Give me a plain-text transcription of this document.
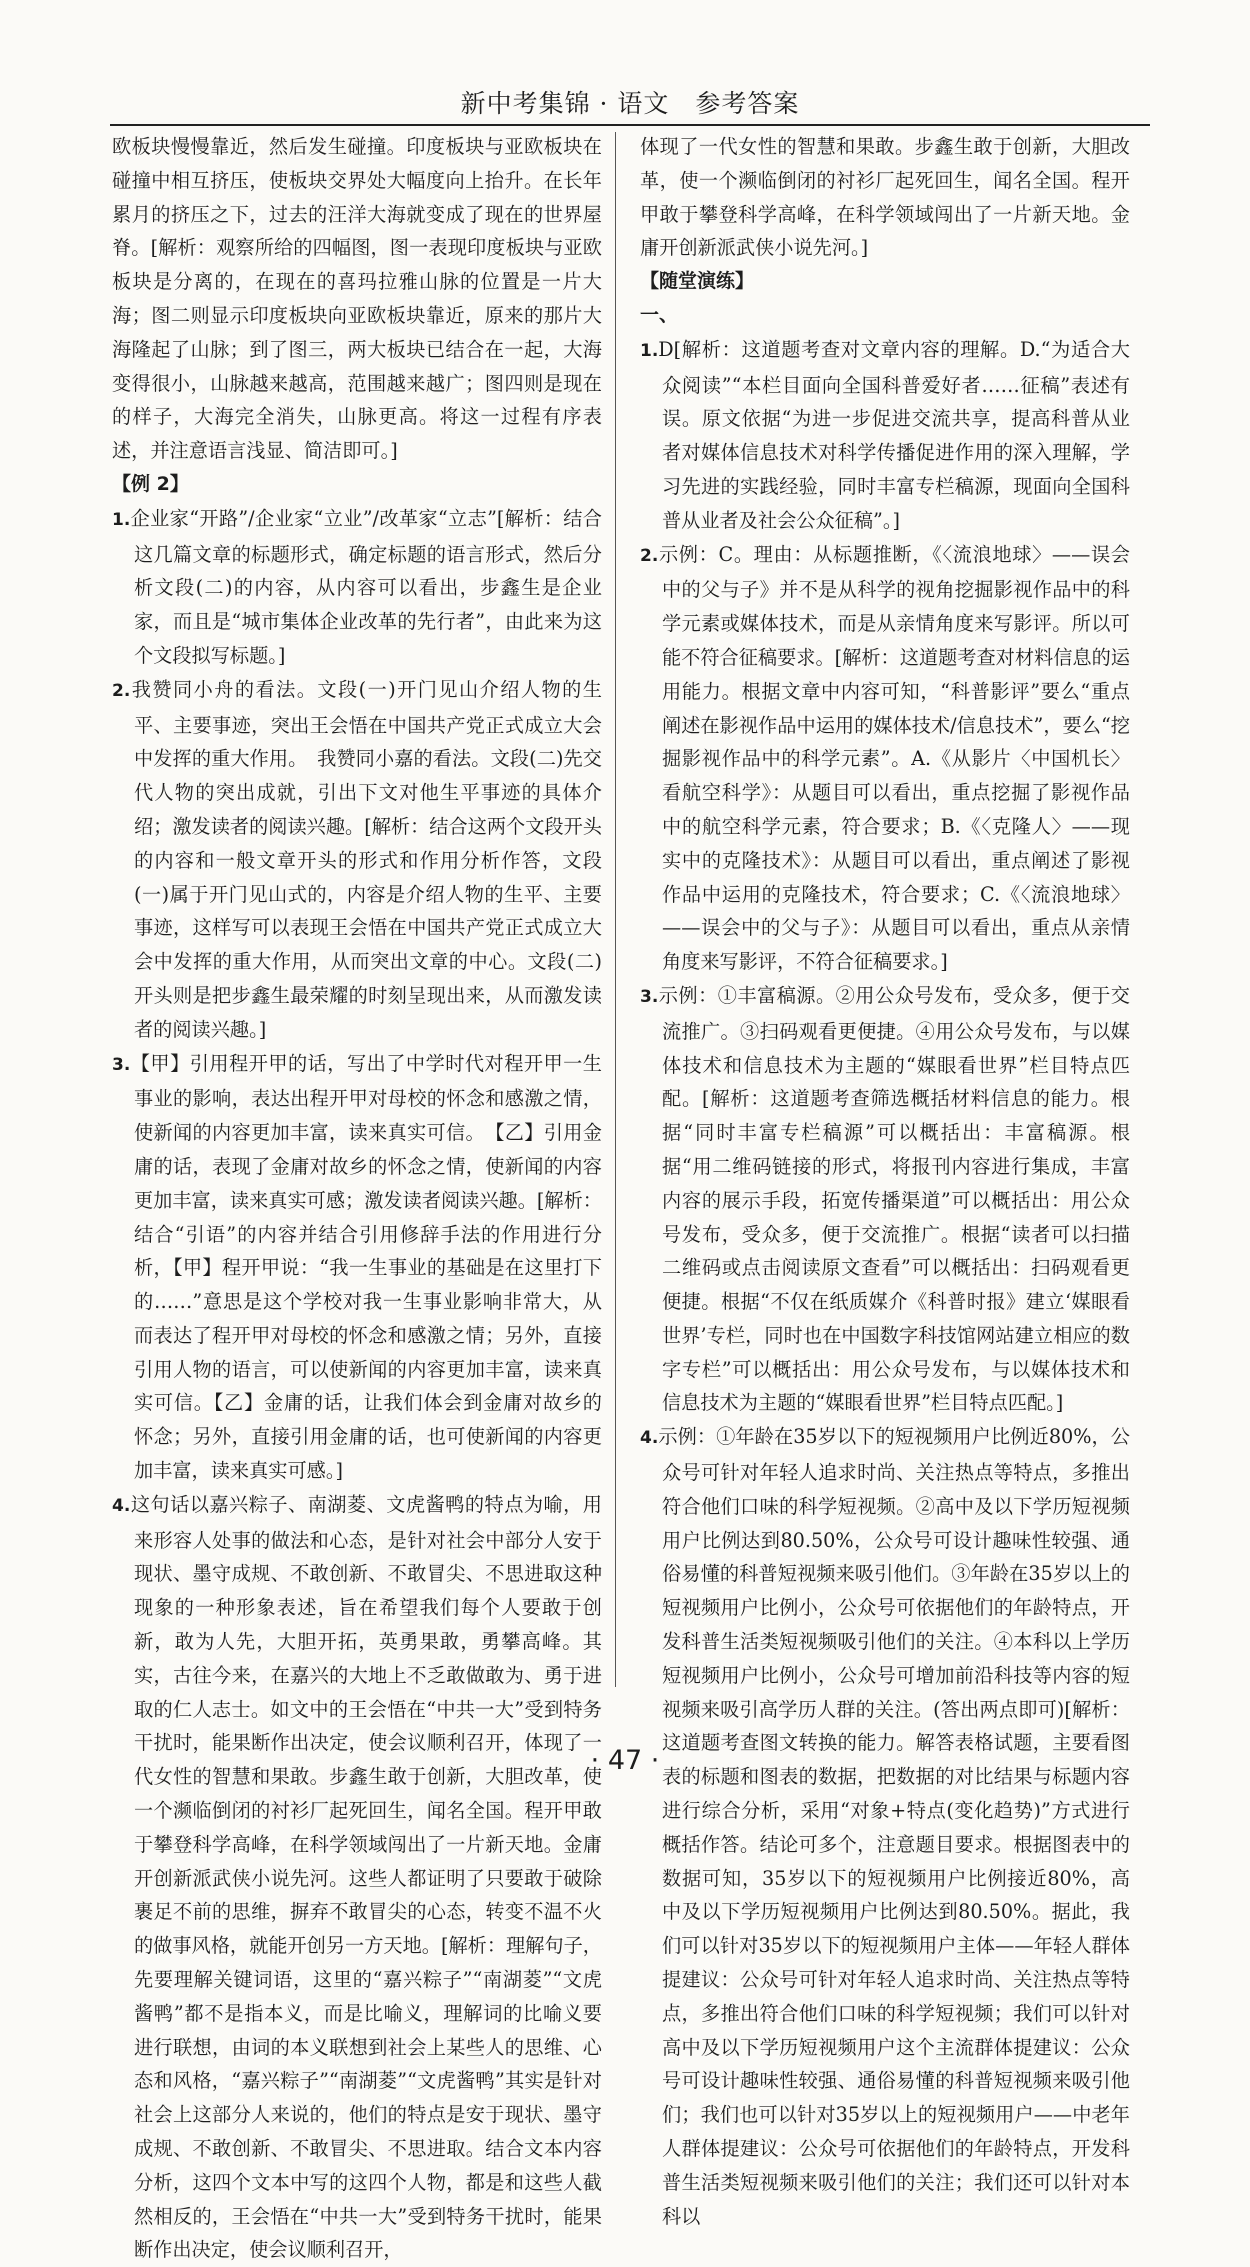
新中考集锦 · 语文　参考答案

欧板块慢慢靠近，然后发生碰撞。印度板块与亚欧板块在碰撞中相互挤压，使板块交界处大幅度向上抬升。在长年累月的挤压之下，过去的汪洋大海就变成了现在的世界屋脊。[解析：观察所给的四幅图，图一表现印度板块与亚欧板块是分离的，在现在的喜玛拉雅山脉的位置是一片大海；图二则显示印度板块向亚欧板块靠近，原来的那片大海隆起了山脉；到了图三，两大板块已结合在一起，大海变得很小，山脉越来越高，范围越来越广；图四则是现在的样子，大海完全消失，山脉更高。将这一过程有序表述，并注意语言浅显、简洁即可。]

【例 2】

1.企业家“开路”/企业家“立业”/改革家“立志”[解析：结合这几篇文章的标题形式，确定标题的语言形式，然后分析文段(二)的内容，从内容可以看出，步鑫生是企业家，而且是“城市集体企业改革的先行者”，由此来为这个文段拟写标题。]

2.我赞同小舟的看法。文段(一)开门见山介绍人物的生平、主要事迹，突出王会悟在中国共产党正式成立大会中发挥的重大作用。　我赞同小嘉的看法。文段(二)先交代人物的突出成就，引出下文对他生平事迹的具体介绍；激发读者的阅读兴趣。[解析：结合这两个文段开头的内容和一般文章开头的形式和作用分析作答，文段(一)属于开门见山式的，内容是介绍人物的生平、主要事迹，这样写可以表现王会悟在中国共产党正式成立大会中发挥的重大作用，从而突出文章的中心。文段(二)开头则是把步鑫生最荣耀的时刻呈现出来，从而激发读者的阅读兴趣。]

3.【甲】引用程开甲的话，写出了中学时代对程开甲一生事业的影响，表达出程开甲对母校的怀念和感激之情，使新闻的内容更加丰富，读来真实可信。　【乙】引用金庸的话，表现了金庸对故乡的怀念之情，使新闻的内容更加丰富，读来真实可感；激发读者阅读兴趣。[解析：结合“引语”的内容并结合引用修辞手法的作用进行分析，【甲】程开甲说：“我一生事业的基础是在这里打下的……”意思是这个学校对我一生事业影响非常大，从而表达了程开甲对母校的怀念和感激之情；另外，直接引用人物的语言，可以使新闻的内容更加丰富，读来真实可信。【乙】金庸的话，让我们体会到金庸对故乡的怀念；另外，直接引用金庸的话，也可使新闻的内容更加丰富，读来真实可感。]

4.这句话以嘉兴粽子、南湖菱、文虎酱鸭的特点为喻，用来形容人处事的做法和心态，是针对社会中部分人安于现状、墨守成规、不敢创新、不敢冒尖、不思进取这种现象的一种形象表述，旨在希望我们每个人要敢于创新，敢为人先，大胆开拓，英勇果敢，勇攀高峰。其实，古往今来，在嘉兴的大地上不乏敢做敢为、勇于进取的仁人志士。如文中的王会悟在“中共一大”受到特务干扰时，能果断作出决定，使会议顺利召开，体现了一代女性的智慧和果敢。步鑫生敢于创新，大胆改革，使一个濒临倒闭的衬衫厂起死回生，闻名全国。程开甲敢于攀登科学高峰，在科学领域闯出了一片新天地。金庸开创新派武侠小说先河。这些人都证明了只要敢于破除裹足不前的思维，摒弃不敢冒尖的心态，转变不温不火的做事风格，就能开创另一方天地。[解析：理解句子，先要理解关键词语，这里的“嘉兴粽子”“南湖菱”“文虎酱鸭”都不是指本义，而是比喻义，理解词的比喻义要进行联想，由词的本义联想到社会上某些人的思维、心态和风格，“嘉兴粽子”“南湖菱”“文虎酱鸭”其实是针对社会上这部分人来说的，他们的特点是安于现状、墨守成规、不敢创新、不敢冒尖、不思进取。结合文本内容分析，这四个文本中写的这四个人物，都是和这些人截然相反的，王会悟在“中共一大”受到特务干扰时，能果断作出决定，使会议顺利召开，

体现了一代女性的智慧和果敢。步鑫生敢于创新，大胆改革，使一个濒临倒闭的衬衫厂起死回生，闻名全国。程开甲敢于攀登科学高峰，在科学领域闯出了一片新天地。金庸开创新派武侠小说先河。]

【随堂演练】

一、

1.D[解析：这道题考查对文章内容的理解。D.“为适合大众阅读”“本栏目面向全国科普爱好者……征稿”表述有误。原文依据“为进一步促进交流共享，提高科普从业者对媒体信息技术对科学传播促进作用的深入理解，学习先进的实践经验，同时丰富专栏稿源，现面向全国科普从业者及社会公众征稿”。]

2.示例：C。理由：从标题推断，《〈流浪地球〉——误会中的父与子》并不是从科学的视角挖掘影视作品中的科学元素或媒体技术，而是从亲情角度来写影评。所以可能不符合征稿要求。[解析：这道题考查对材料信息的运用能力。根据文章中内容可知，“科普影评”要么“重点阐述在影视作品中运用的媒体技术/信息技术”，要么“挖掘影视作品中的科学元素”。A.《从影片〈中国机长〉看航空科学》：从题目可以看出，重点挖掘了影视作品中的航空科学元素，符合要求；B.《〈克隆人〉——现实中的克隆技术》：从题目可以看出，重点阐述了影视作品中运用的克隆技术，符合要求；C.《〈流浪地球〉——误会中的父与子》：从题目可以看出，重点从亲情角度来写影评，不符合征稿要求。]

3.示例：①丰富稿源。②用公众号发布，受众多，便于交流推广。③扫码观看更便捷。④用公众号发布，与以媒体技术和信息技术为主题的“媒眼看世界”栏目特点匹配。[解析：这道题考查筛选概括材料信息的能力。根据“同时丰富专栏稿源”可以概括出：丰富稿源。根据“用二维码链接的形式，将报刊内容进行集成，丰富内容的展示手段，拓宽传播渠道”可以概括出：用公众号发布，受众多，便于交流推广。根据“读者可以扫描二维码或点击阅读原文查看”可以概括出：扫码观看更便捷。根据“不仅在纸质媒介《科普时报》建立‘媒眼看世界’专栏，同时也在中国数字科技馆网站建立相应的数字专栏”可以概括出：用公众号发布，与以媒体技术和信息技术为主题的“媒眼看世界”栏目特点匹配。]

4.示例：①年龄在35岁以下的短视频用户比例近80%，公众号可针对年轻人追求时尚、关注热点等特点，多推出符合他们口味的科学短视频。②高中及以下学历短视频用户比例达到80.50%，公众号可设计趣味性较强、通俗易懂的科普短视频来吸引他们。③年龄在35岁以上的短视频用户比例小，公众号可依据他们的年龄特点，开发科普生活类短视频吸引他们的关注。④本科以上学历短视频用户比例小，公众号可增加前沿科技等内容的短视频来吸引高学历人群的关注。(答出两点即可)[解析：这道题考查图文转换的能力。解答表格试题，主要看图表的标题和图表的数据，把数据的对比结果与标题内容进行综合分析，采用“对象+特点(变化趋势)”方式进行概括作答。结论可多个，注意题目要求。根据图表中的数据可知，35岁以下的短视频用户比例接近80%，高中及以下学历短视频用户比例达到80.50%。据此，我们可以针对35岁以下的短视频用户主体——年轻人群体提建议：公众号可针对年轻人追求时尚、关注热点等特点，多推出符合他们口味的科学短视频；我们可以针对高中及以下学历短视频用户这个主流群体提建议：公众号可设计趣味性较强、通俗易懂的科普短视频来吸引他们；我们也可以针对35岁以上的短视频用户——中老年人群体提建议：公众号可依据他们的年龄特点，开发科普生活类短视频来吸引他们的关注；我们还可以针对本科以

· 47 ·
